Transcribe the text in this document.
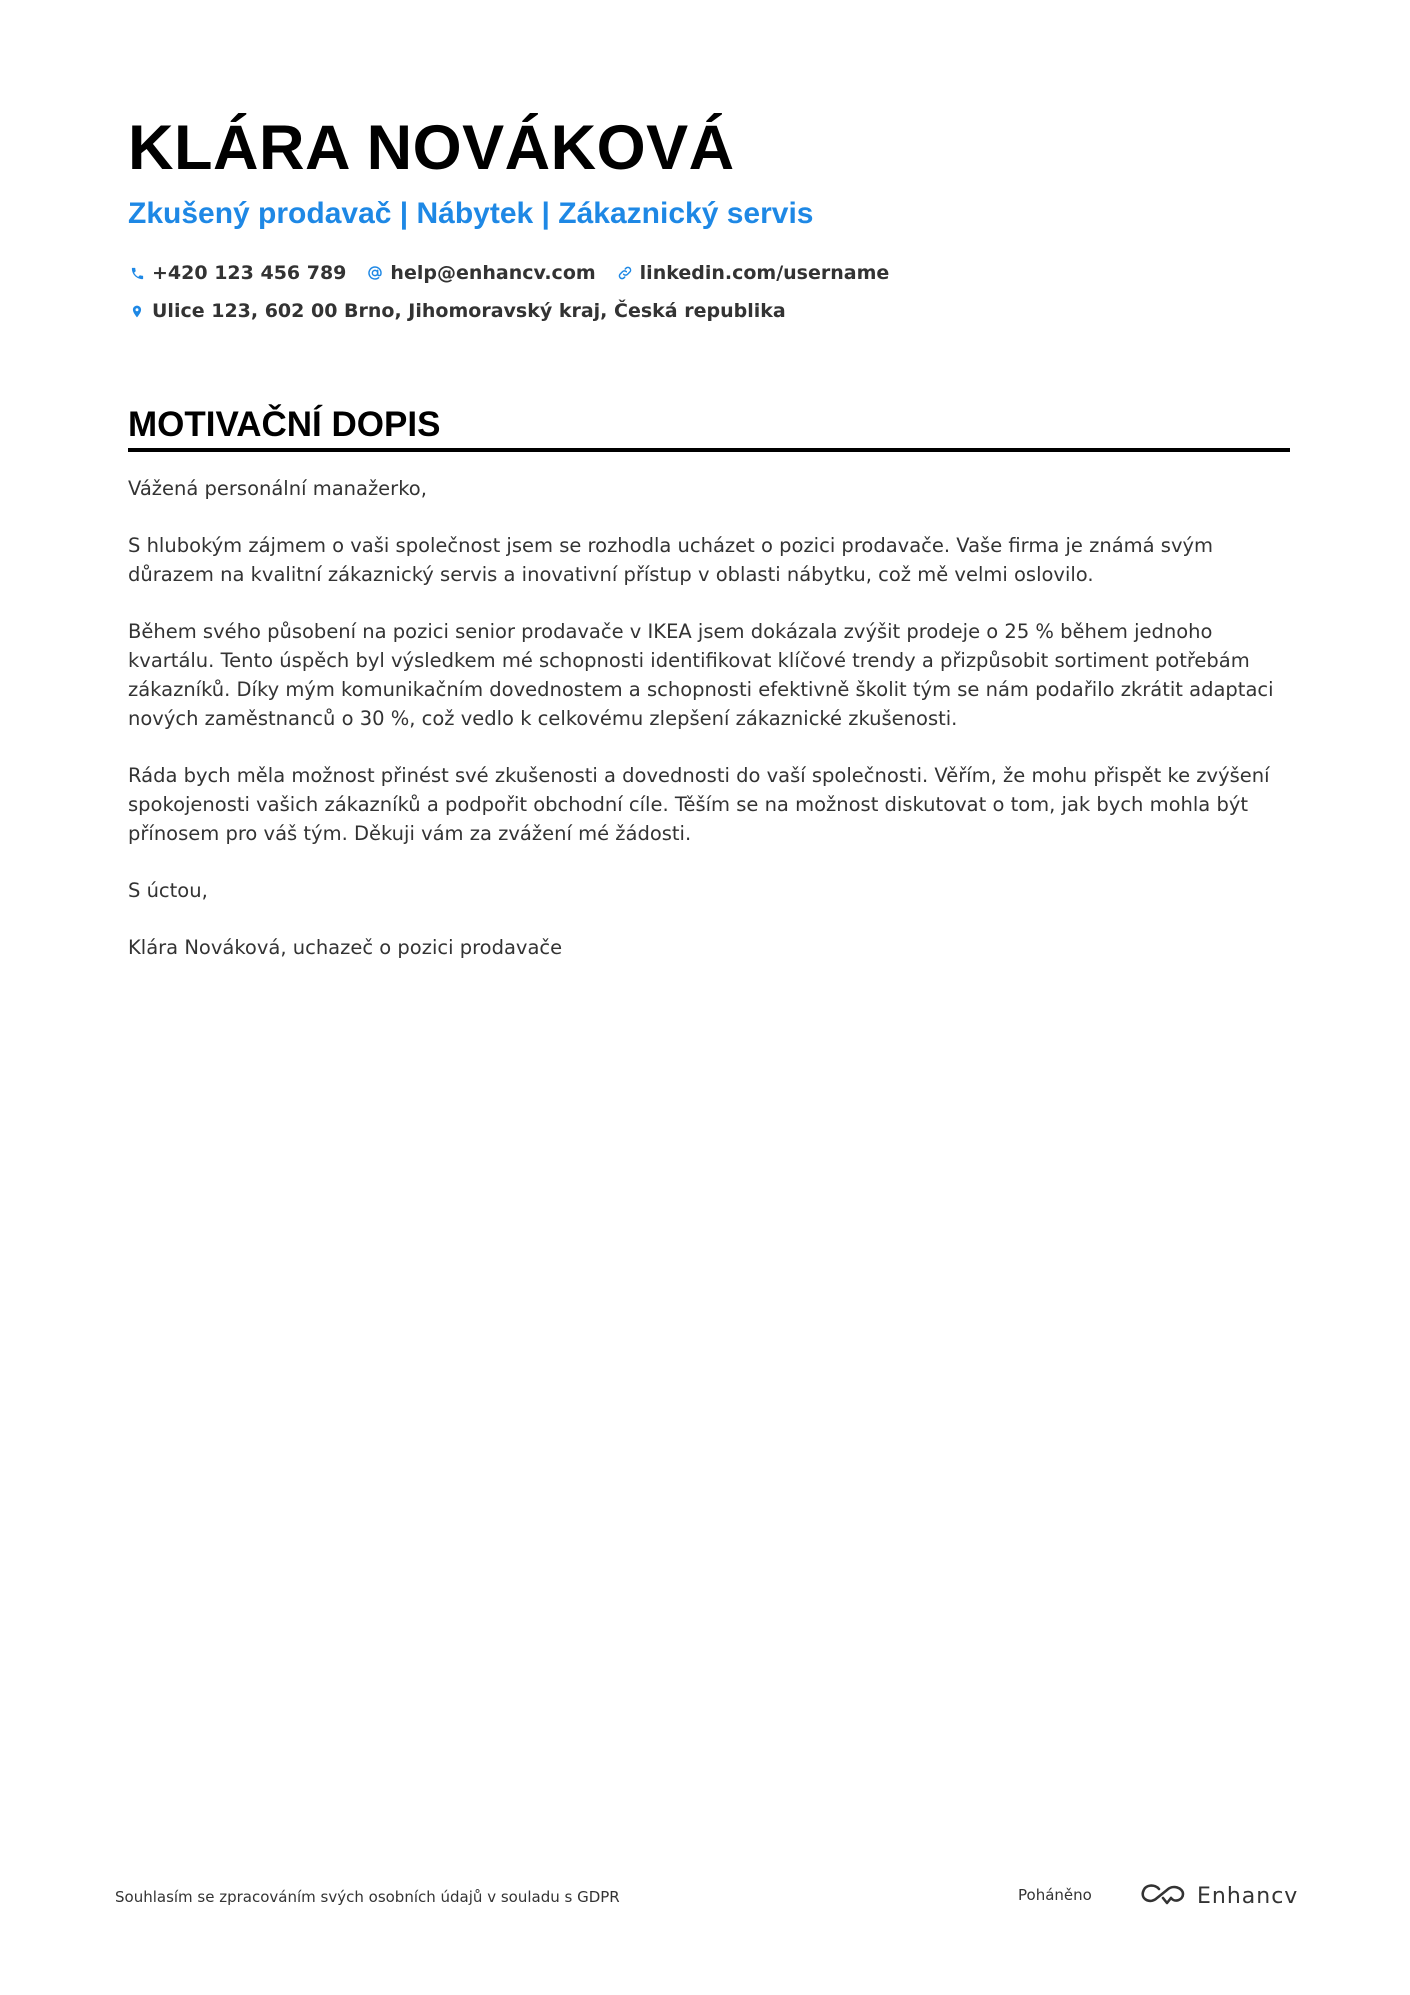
KLÁRA NOVÁKOVÁ
Zkušený prodavač | Nábytek | Zákaznický servis
+420 123 456 789 help@enhancv.com linkedin.com/username
Ulice 123, 602 00 Brno, Jihomoravský kraj, Česká republika
MOTIVAČNÍ DOPIS

Vážená personální manažerko,

S hlubokým zájmem o vaši společnost jsem se rozhodla ucházet o pozici prodavače. Vaše firma je známá svým důrazem na kvalitní zákaznický servis a inovativní přístup v oblasti nábytku, což mě velmi oslovilo.

Během svého působení na pozici senior prodavače v IKEA jsem dokázala zvýšit prodeje o 25 % během jednoho kvartálu. Tento úspěch byl výsledkem mé schopnosti identifikovat klíčové trendy a přizpůsobit sortiment potřebám zákazníků. Díky mým komunikačním dovednostem a schopnosti efektivně školit tým se nám podařilo zkrátit adaptaci nových zaměstnanců o 30 %, což vedlo k celkovému zlepšení zákaznické zkušenosti.

Ráda bych měla možnost přinést své zkušenosti a dovednosti do vaší společnosti. Věřím, že mohu přispět ke zvýšení spokojenosti vašich zákazníků a podpořit obchodní cíle. Těším se na možnost diskutovat o tom, jak bych mohla být přínosem pro váš tým. Děkuji vám za zvážení mé žádosti.

S úctou,

Klára Nováková, uchazeč o pozici prodavače

Souhlasím se zpracováním svých osobních údajů v souladu s GDPR	Poháněno	Enhancv
